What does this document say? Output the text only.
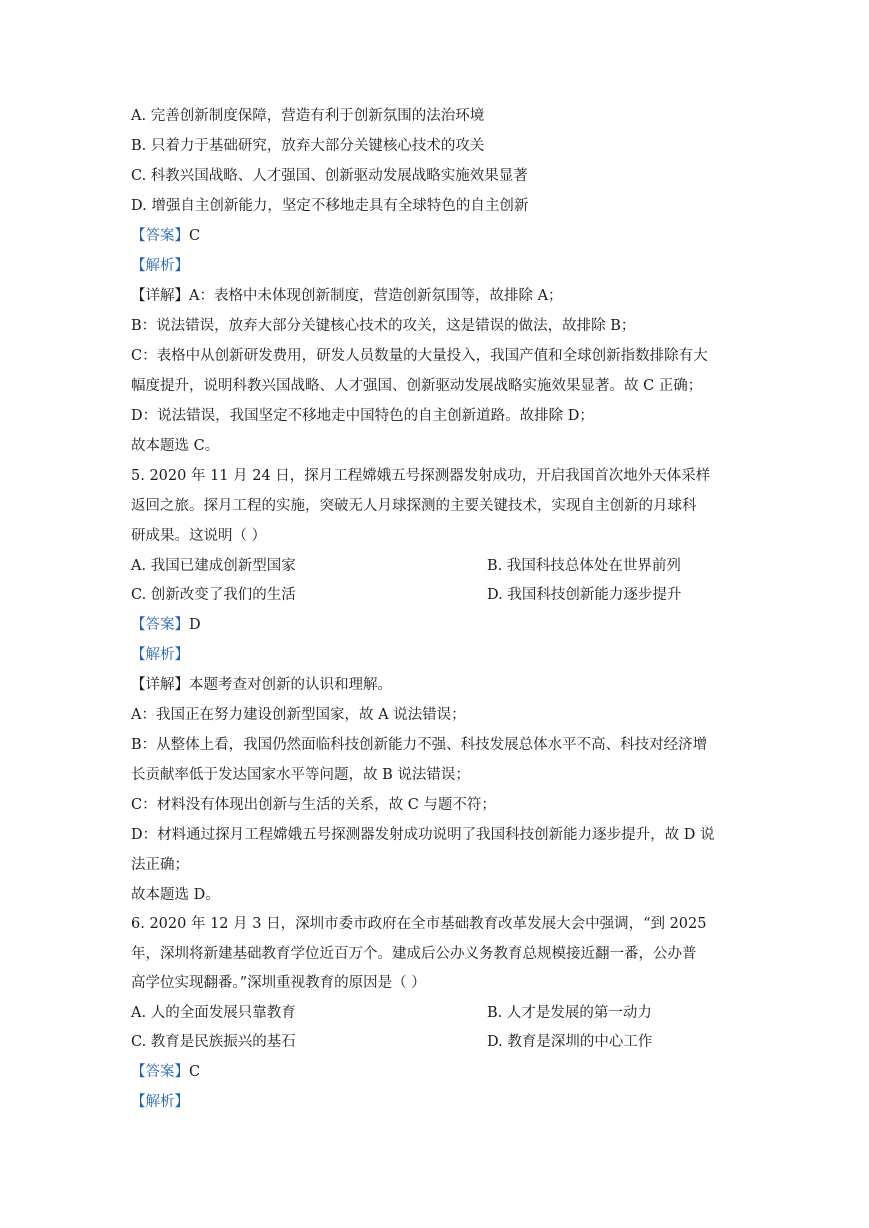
A. 完善创新制度保障，营造有利于创新氛围的法治环境
B. 只着力于基础研究，放弃大部分关键核心技术的攻关
C. 科教兴国战略、人才强国、创新驱动发展战略实施效果显著
D. 增强自主创新能力，坚定不移地走具有全球特色的自主创新
【答案】C
【解析】
【详解】A：表格中未体现创新制度，营造创新氛围等，故排除 A；
B：说法错误，放弃大部分关键核心技术的攻关，这是错误的做法，故排除 B；
C：表格中从创新研发费用，研发人员数量的大量投入，我国产值和全球创新指数排除有大
幅度提升，说明科教兴国战略、人才强国、创新驱动发展战略实施效果显著。故 C 正确；
D：说法错误，我国坚定不移地走中国特色的自主创新道路。故排除 D；
故本题选 C。
5. 2020 年 11 月 24 日，探月工程嫦娥五号探测器发射成功，开启我国首次地外天体采样
返回之旅。探月工程的实施，突破无人月球探测的主要关键技术，实现自主创新的月球科
研成果。这说明（ ）
A. 我国已建成创新型国家	B. 我国科技总体处在世界前列
C. 创新改变了我们的生活	D. 我国科技创新能力逐步提升
【答案】D
【解析】
【详解】本题考查对创新的认识和理解。
A：我国正在努力建设创新型国家，故 A 说法错误；
B：从整体上看，我国仍然面临科技创新能力不强、科技发展总体水平不高、科技对经济增
长贡献率低于发达国家水平等问题，故 B 说法错误；
C：材料没有体现出创新与生活的关系，故 C 与题不符；
D：材料通过探月工程嫦娥五号探测器发射成功说明了我国科技创新能力逐步提升，故 D 说
法正确；
故本题选 D。
6. 2020 年 12 月 3 日，深圳市委市政府在全市基础教育改革发展大会中强调，“到 2025
年，深圳将新建基础教育学位近百万个。建成后公办义务教育总规模接近翻一番，公办普
高学位实现翻番。”深圳重视教育的原因是（ ）
A. 人的全面发展只靠教育	B. 人才是发展的第一动力
C. 教育是民族振兴的基石	D. 教育是深圳的中心工作
【答案】C
【解析】
